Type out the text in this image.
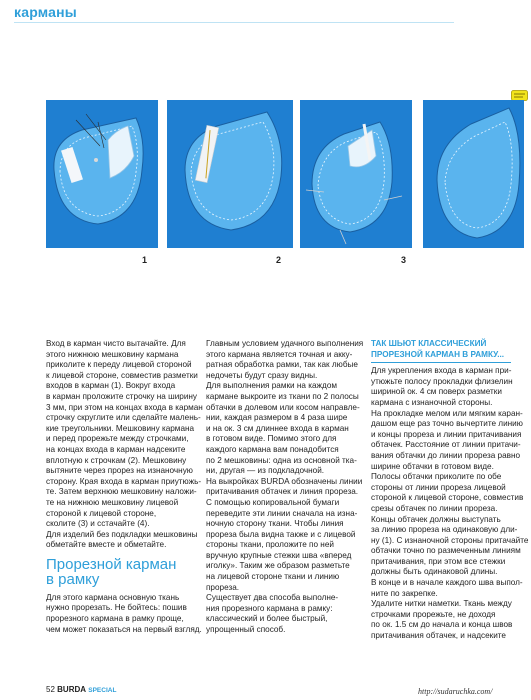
карманы
1	2	3

Вход в карман чисто вытачайте. Для

этого нижнюю мешковину кармана

приколите к переду лицевой стороной

к лицевой стороне, совместив разметки

входов в карман (1). Вокруг входа

в карман проложите строчку на ширину

3 мм, при этом на концах входа в карман

строчку скруглите или сделайте малень-

кие треугольники. Мешковину кармана

и перед прорежьте между строчками,

на концах входа в карман надсеките

вплотную к строчкам (2). Мешковину

вытяните через прорез на изнаночную

сторону. Края входа в карман приутюжь-

те. Затем верхнюю мешковину наложи-

те на нижнюю мешковину лицевой

стороной к лицевой стороне,

сколите (3) и сстачайте (4).

Для изделий без подкладки мешковины

обметайте вместе и обметайте.

Прорезной карман
в рамку

Для этого кармана основную ткань

нужно прорезать. Не бойтесь: пошив

прорезного кармана в рамку проще,

чем может показаться на первый взгляд.

Главным условием удачного выполнения

этого кармана является точная и акку-

ратная обработка рамки, так как любые

недочеты будут сразу видны.

Для выполнения рамки на каждом

кармане выкроите из ткани по 2 полосы

обтачки в долевом или косом направле-

нии, каждая размером в 4 раза шире

и на ок. 3 см длиннее входа в карман

в готовом виде. Помимо этого для

каждого кармана вам понадобится

по 2 мешковины: одна из основной тка-

ни, другая — из подкладочной.

На выкройках BURDA обозначены линии

притачивания обтачек и линия прореза.

С помощью копировальной бумаги

переведите эти линии сначала на изна-

ночную сторону ткани. Чтобы линия

прореза была видна также и с лицевой

стороны ткани, проложите по ней

вручную крупные стежки шва «вперед

иголку». Таким же образом разметьте

на лицевой стороне ткани и линию

прореза.

Существует два способа выполне-

ния прорезного кармана в рамку:

классический и более быстрый,

упрощенный способ.

ТАК ШЬЮТ КЛАССИЧЕСКИЙ
ПРОРЕЗНОЙ КАРМАН В РАМКУ...

Для укрепления входа в карман при-

утюжьте полосу прокладки флизелин

шириной ок. 4 см поверх разметки

кармана с изнаночной стороны.

На прокладке мелом или мягким каран-

дашом еще раз точно вычертите линию

и концы прореза и линии притачивания

обтачек. Расстояние от линии притачи-

вания обтачки до линии прореза равно

ширине обтачки в готовом виде.

Полосы обтачки приколите по обе

стороны от линии прореза лицевой

стороной к лицевой стороне, совместив

срезы обтачек по линии прореза.

Концы обтачек должны выступать

за линию прореза на одинаковую дли-

ну (1). С изнаночной стороны притачайте

обтачки точно по размеченным линиям

притачивания, при этом все стежки

должны быть одинаковой длины.

В конце и в начале каждого шва выпол-

ните по закрепке.

Удалите нитки наметки. Ткань между

строчками прорежьте, не доходя

по ок. 1.5 см до начала и конца швов

притачивания обтачек, и надсеките

52 BURDA SPECIAL	http://sudaruchka.com/
